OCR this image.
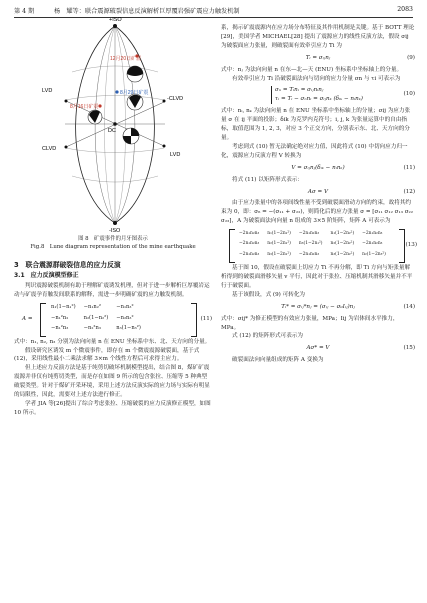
第 4 期	杨　耀等：联合震源破裂信息反演解析巨厚覆岩强矿震应力触发机制	2083
+ISO
-ISO
LVD
LVD
CLVD
-CLVD
DC
12月20日矿震
8月29日矿震
8月16日矿震
图 8　矿震事件的月牙图表示
Fig.8　Lune diagram representation of the mine earthquake
3　联合震源群破裂信息的应力反演
3.1　应力反演模型修正

判识震源破裂机制有助于理解矿震诱发机理，但对于进一步解析巨厚覆岩运动与矿震孕育触发间联系的解释，需进一步明确矿震的应力触发机制。

A =
n₁(1−n₁²)	−n₁n₂²	−n₁n₃²
−n₁²n₂	n₂(1−n₂²)	−n₂n₃²
−n₁²n₃	−n₂²n₃	n₃(1−n₃²)
(11)

式中：n₁, n₂, n₃ 分别为法向向量 n 在 ENU 坐标系中东、北、天方向的分量。

假设研究区诱发 m 个微震事件，即存在 m 个微震震源破裂面，基于式 (12)，采用线性最小二乘法求解 3×m 个线性方程后可求得主应力。

但上述应力反演方法是基于纯剪切破坏机制模型提出，结合图 8，煤矿矿震震源并非仅有纯剪切类型，而是存在如图 9 所示的包含张拉、压缩等 5 种典型破裂类型。针对于煤矿开采环境，采用上述方法反演实际的应力场与实际有明显的局限性，因此，需要对上述方法进行修正。

学者 JIA 等[26]提出了综合考虑张拉、压缩破裂的应力反演修正模型，如图 10 所示。

系，揭示矿震震源内在应力场分布特征及其作用机制是关键。基于 BOTT 理论[29]，美国学者 MICHAEL[28] 提出了震源应力的线性反演方法，假设 σij 为破裂面应力张量，则破裂面有效牵引应力 Ti 为

Tᵢ = σᵢⱼnⱼ	(9)

式中：nⱼ 为法向向量 n 在东—北—天 (ENU) 坐标系中坐标轴上的分量。

有效牵引应力 Ti 沿破裂面法向与切向的应力分量 σn 与 τi 可表示为

σₙ = Tᵢnᵢ = σᵢⱼnᵢnⱼ
τᵢ = Tᵢ − σₙnᵢ = σᵢⱼnₖ (δᵢₖ − nᵢnₖ)
(10)

式中：nᵢ, nₖ 为法向向量 n 在 ENU 坐标系中坐标轴上的分量；σij 为应力张量 σ 在 ij 平面的投影；δik 为克罗内克符号；i, j, k 为张量运算中的自由指标，取值范围为 1, 2, 3，对应 3 个正交方向，分别表示东、北、天方向的分量。

考虑到式 (10) 暂无法确定绝对应力值，因此将式 (10) 中切向应力归一化，震源应力反演方程 V 转换为

V = σᵢⱼnⱼ(δᵢₖ − nᵢnₖ)	(11)

将式 (11) 以矩阵形式表示：

Aσ = V	(12)

由于应力张量中的各项间线性量不受到破裂面滑动方向的约束，故将其约束为 0，即：σ₆ = −(σ₁₁ + σ₂₂)，则简化后的应力张量 σ = [σ₁₁ σ₁₂ σ₁₃ σ₂₂ σ₂₃]，A 为破裂面法向向量 n 组成的 3×5 阶矩阵，矩阵 A 可表示为

−2n₁n₂n₃	n₁(1−2n₁²)	−2n₁n₂n₃	n₁(1−2n₂²)	−2n₁n₂n₃
−2n₁n₂n₃	n₂(1−2n₁²)	n₃(1−2n₁²)	n₂(1−2n₂²)	−2n₁n₂n₃
−2n₁n₂n₃	n₃(1−2n₁²)	−2n₁n₂n₃	n₃(1−2n₂²)	n₂(1−2n₃²)
(13)

基于图 10，假设在破裂面上切应力 Ti 不再分解，即 Ti 方向与矩张量解析得到的破裂面滑移矢量 v 平行，因此对于张拉、压缩机制其滑移矢量并不平行于破裂面。

基于该假设，式 (9) 可转化为

Tᵢ* = σᵢⱼ*nⱼ = (σᵢⱼ − σ₀Iᵢⱼ)nⱼ	(14)

式中：σij* 为修正模型的有效应力张量，MPa；Iij 为岩体间水平推力，MPa。

式 (12) 的矩阵形式可表示为

Aσ* = V	(15)

破裂面法向向量组成的矩阵 A 变换为
